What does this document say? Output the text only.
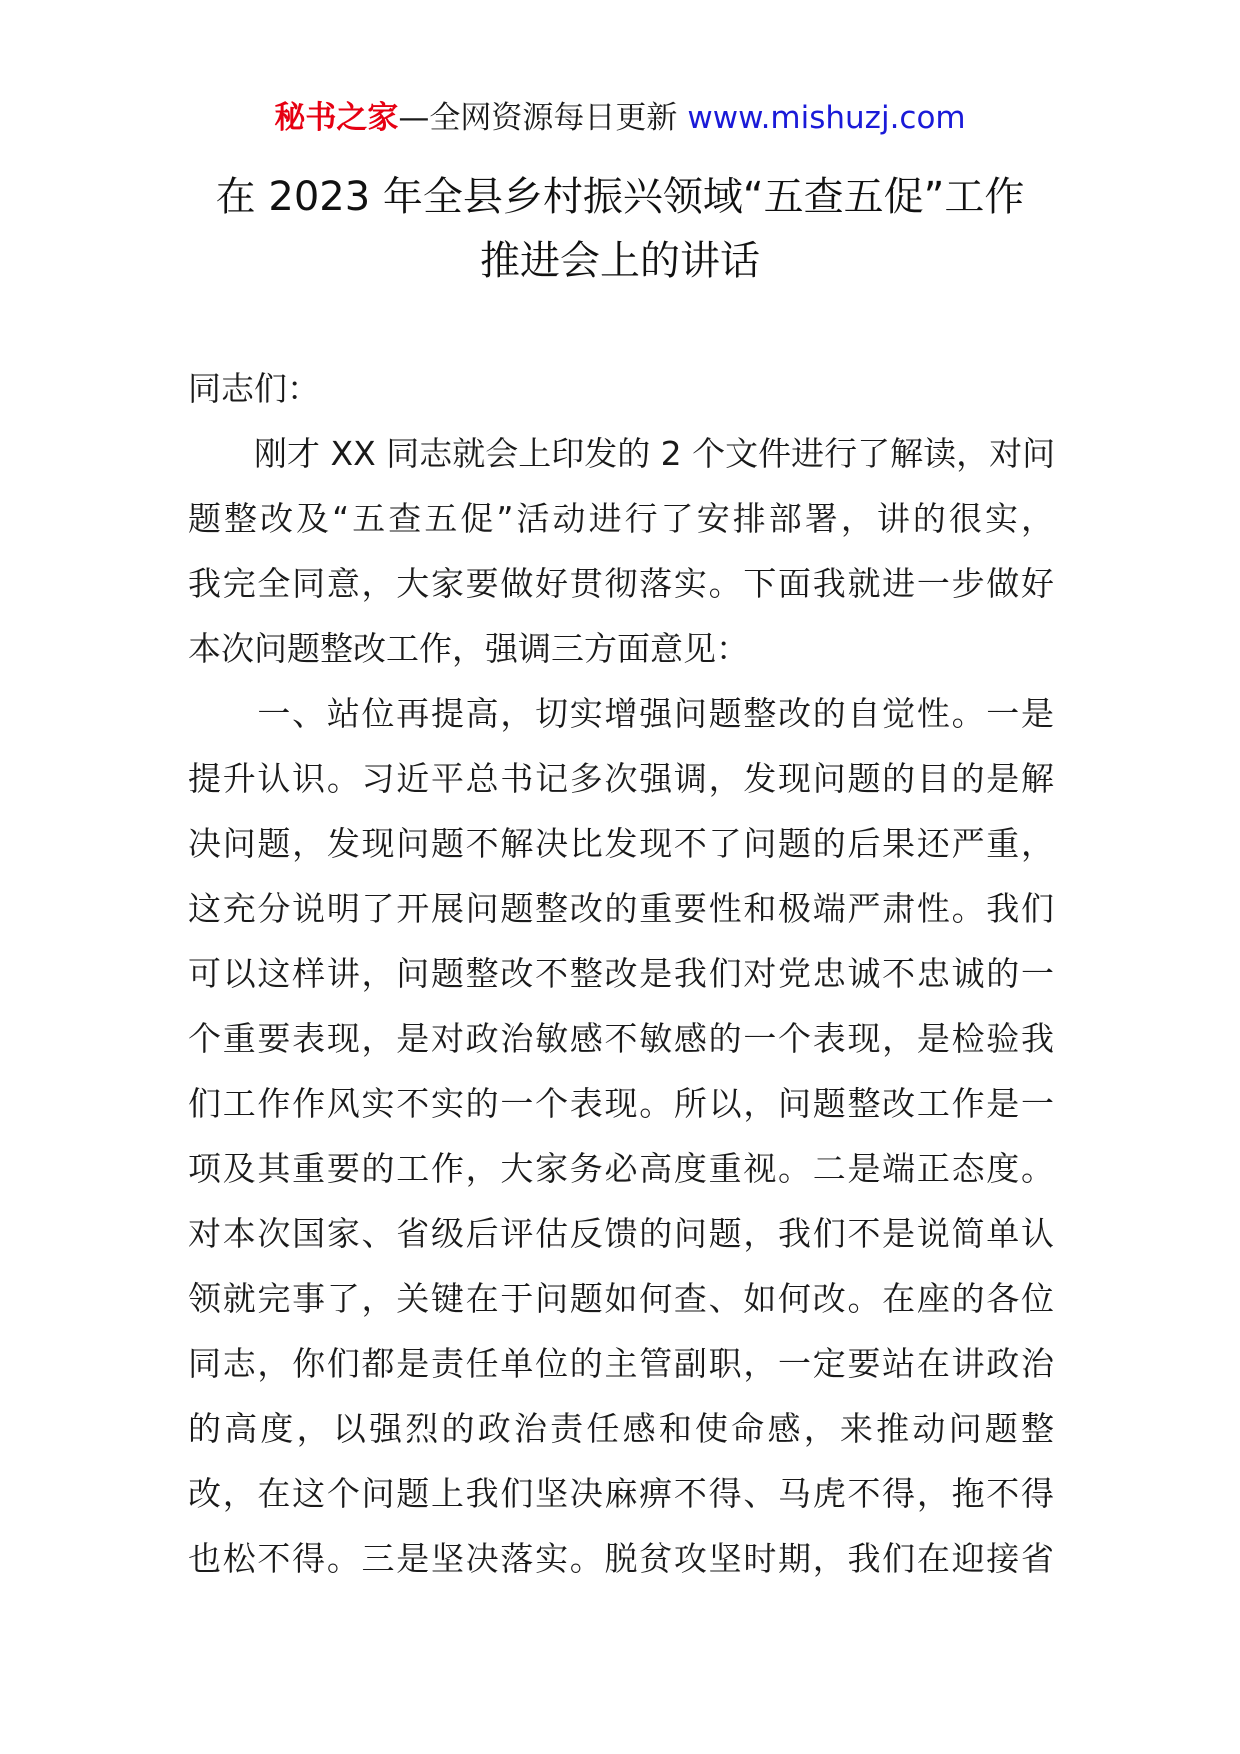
秘书之家—全网资源每日更新 www.mishuzj.com
在 2023 年全县乡村振兴领域“五查五促”工作
推进会上的讲话
同志们：
　　刚才 XX 同志就会上印发的 2 个文件进行了解读，对问
题整改及“五查五促”活动进行了安排部署，讲的很实，
我完全同意，大家要做好贯彻落实。下面我就进一步做好
本次问题整改工作，强调三方面意见：
　　一、站位再提高，切实增强问题整改的自觉性。一是
提升认识。习近平总书记多次强调，发现问题的目的是解
决问题，发现问题不解决比发现不了问题的后果还严重，
这充分说明了开展问题整改的重要性和极端严肃性。我们
可以这样讲，问题整改不整改是我们对党忠诚不忠诚的一
个重要表现，是对政治敏感不敏感的一个表现，是检验我
们工作作风实不实的一个表现。所以，问题整改工作是一
项及其重要的工作，大家务必高度重视。二是端正态度。
对本次国家、省级后评估反馈的问题，我们不是说简单认
领就完事了，关键在于问题如何查、如何改。在座的各位
同志，你们都是责任单位的主管副职，一定要站在讲政治
的高度，以强烈的政治责任感和使命感，来推动问题整
改，在这个问题上我们坚决麻痹不得、马虎不得，拖不得
也松不得。三是坚决落实。脱贫攻坚时期，我们在迎接省
